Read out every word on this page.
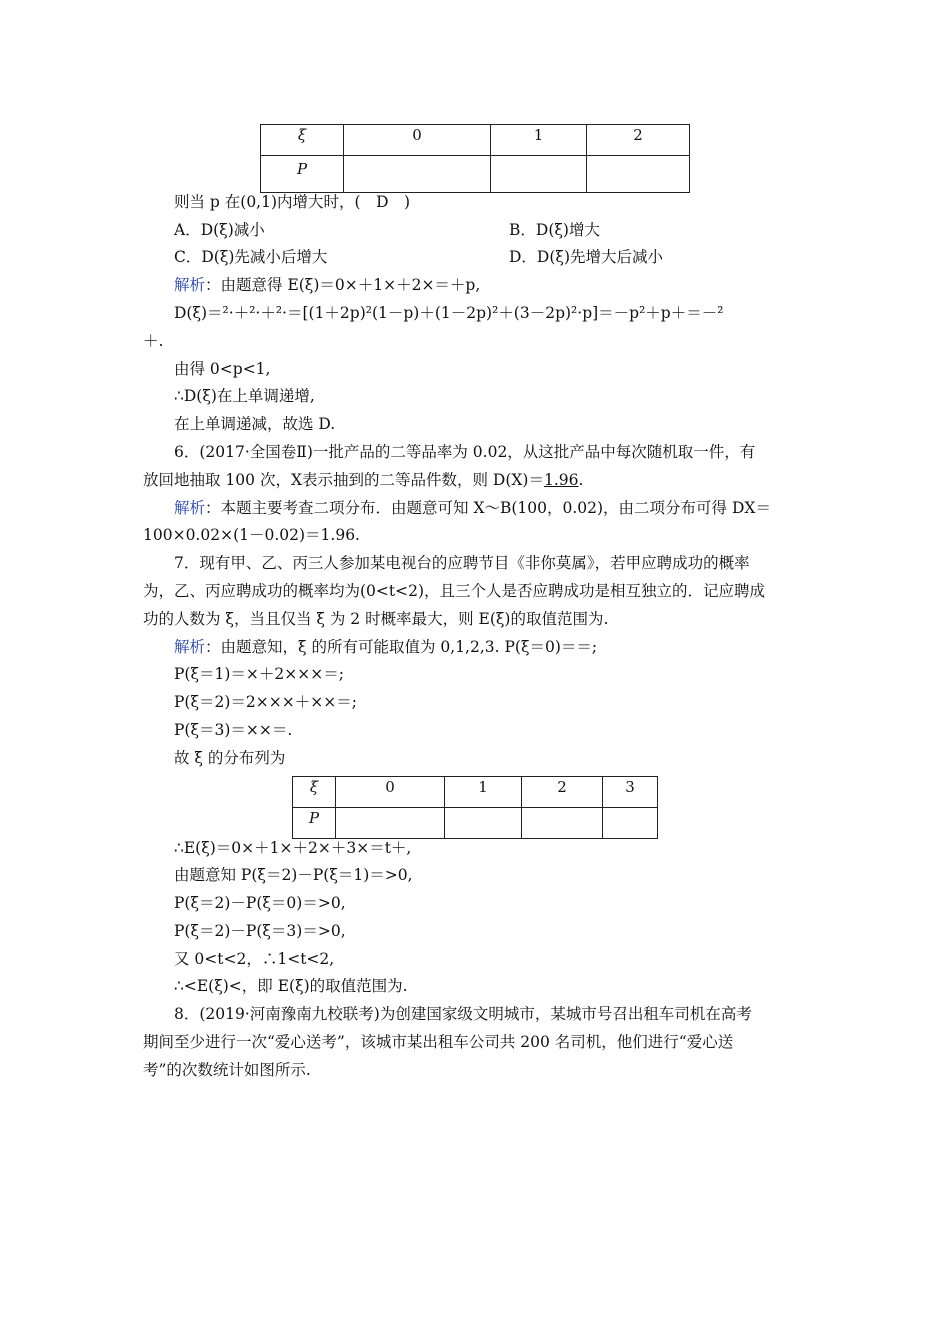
ξ	0	1	2
P			
则当 p 在(0,1)内增大时，(　D　)
A．D(ξ)减小	B．D(ξ)增大
C．D(ξ)先减小后增大	D．D(ξ)先增大后减小
解析：由题意得 E(ξ)＝0×＋1×＋2×＝＋p,
D(ξ)＝²·＋²·＋²·＝[(1＋2p)²(1－p)＋(1－2p)²＋(3－2p)²·p]＝－p²＋p＋＝－²
＋.
由得 0<p<1,
∴D(ξ)在上单调递增,
在上单调递减，故选 D.
6．(2017·全国卷Ⅱ)一批产品的二等品率为 0.02，从这批产品中每次随机取一件，有
放回地抽取 100 次，X表示抽到的二等品件数，则 D(X)＝1.96.
解析：本题主要考查二项分布．由题意可知 X～B(100，0.02)，由二项分布可得 DX＝
100×0.02×(1－0.02)＝1.96.
7．现有甲、乙、丙三人参加某电视台的应聘节目《非你莫属》，若甲应聘成功的概率
为，乙、丙应聘成功的概率均为(0<t<2)，且三个人是否应聘成功是相互独立的．记应聘成
功的人数为 ξ，当且仅当 ξ 为 2 时概率最大，则 E(ξ)的取值范围为.
解析：由题意知，ξ 的所有可能取值为 0,1,2,3. P(ξ＝0)＝＝;
P(ξ＝1)＝×＋2×××＝;
P(ξ＝2)＝2×××＋××＝;
P(ξ＝3)＝××＝.
故 ξ 的分布列为
ξ	0	1	2	3
P				
∴E(ξ)＝0×＋1×＋2×＋3×＝t＋,
由题意知 P(ξ＝2)－P(ξ＝1)＝>0,
P(ξ＝2)－P(ξ＝0)＝>0,
P(ξ＝2)－P(ξ＝3)＝>0,
又 0<t<2，∴1<t<2,
∴<E(ξ)<，即 E(ξ)的取值范围为.
8．(2019·河南豫南九校联考)为创建国家级文明城市，某城市号召出租车司机在高考
期间至少进行一次“爱心送考”，该城市某出租车公司共 200 名司机，他们进行“爱心送
考”的次数统计如图所示.
